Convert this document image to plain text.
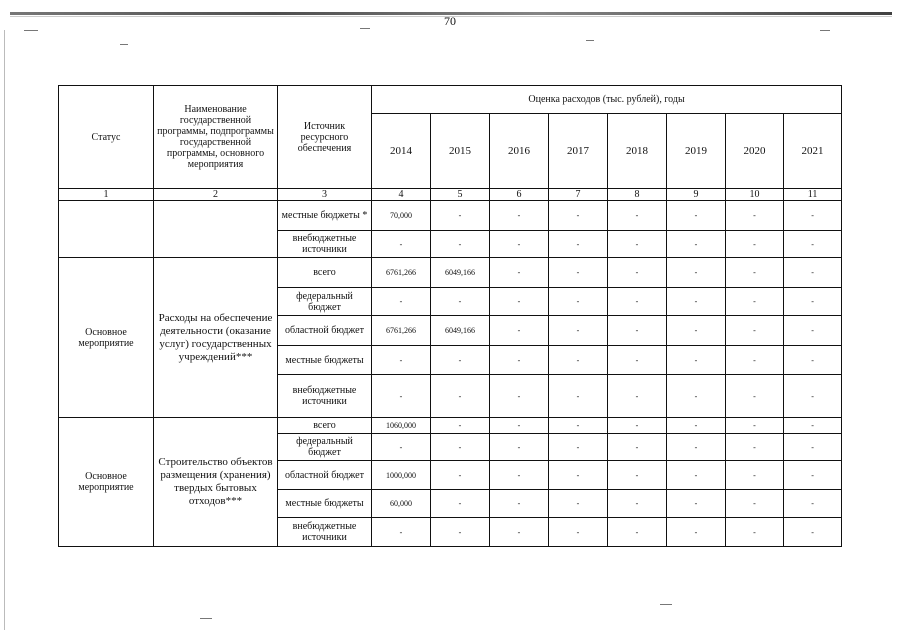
70
Статус	Наименование государственной программы, подпрограммы государственной программы, основного мероприятия	Источник ресурсного обеспечения	Оценка расходов (тыс. рублей), годы							
			2014	2015	2016	2017	2018	2019	2020	2021
1	2	3	4	5	6	7	8	9	10	11
		местные бюджеты *	70,000	-	-	-	-	-	-	-
		внебюджетные источники	-	-	-	-	-	-	-	-
Основное мероприятие	Расходы на обеспечение деятельности (оказание услуг) государственных учреждений***	всего	6761,266	6049,166	-	-	-	-	-	-
		федеральный бюджет	-	-	-	-	-	-	-	-
		областной бюджет	6761,266	6049,166	-	-	-	-	-	-
		местные бюджеты	-	-	-	-	-	-	-	-
		внебюджетные источники	-	-	-	-	-	-	-	-
Основное мероприятие	Строительство объектов размещения (хранения) твердых бытовых отходов***	всего	1060,000	-	-	-	-	-	-	-
		федеральный бюджет	-	-	-	-	-	-	-	-
		областной бюджет	1000,000	-	-	-	-	-	-	-
		местные бюджеты	60,000	-	-	-	-	-	-	-
		внебюджетные источники	-	-	-	-	-	-	-	-
